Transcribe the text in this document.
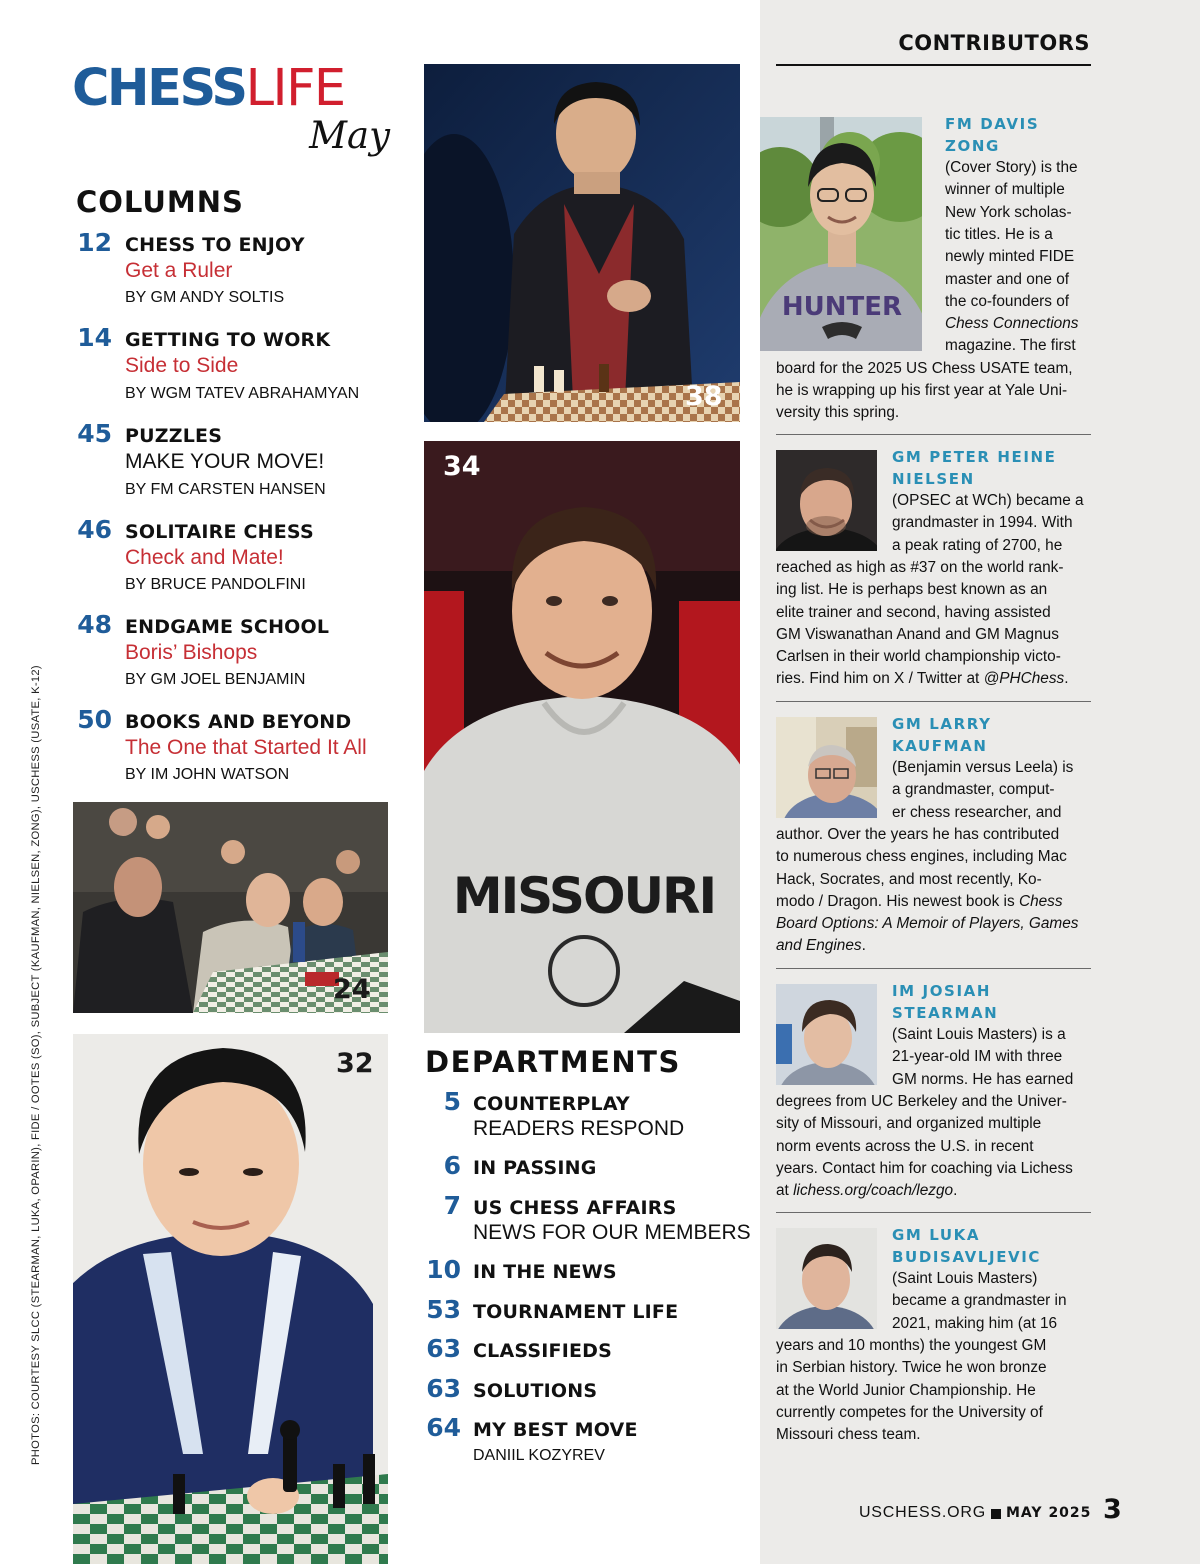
CONTRIBUTORS
HUNTER
FM DAVIS
ZONG
(Cover Story) is the
winner of multiple
New York scholas-
tic titles. He is a
newly minted FIDE
master and one of
the co-founders of
Chess Connections
magazine. The first
board for the 2025 US Chess USATE team,
he is wrapping up his first year at Yale Uni-
versity this spring.
GM PETER HEINE
NIELSEN
(OPSEC at WCh) became a
grandmaster in 1994. With
a peak rating of 2700, he
reached as high as #37 on the world rank-
ing list. He is perhaps best known as an
elite trainer and second, having assisted
GM Viswanathan Anand and GM Magnus
Carlsen in their world championship victo-
ries. Find him on X / Twitter at @PHChess.
GM LARRY
KAUFMAN
(Benjamin versus Leela) is
a grandmaster, comput-
er chess researcher, and
author. Over the years he has contributed
to numerous chess engines, including Mac
Hack, Socrates, and most recently, Ko-
modo / Dragon. His newest book is Chess
Board Options: A Memoir of Players, Games
and Engines.
IM JOSIAH
STEARMAN
(Saint Louis Masters) is a
21-year-old IM with three
GM norms. He has earned
degrees from UC Berkeley and the Univer-
sity of Missouri, and organized multiple
norm events across the U.S. in recent
years. Contact him for coaching via Lichess
at lichess.org/coach/lezgo.
GM LUKA
BUDISAVLJEVIC
(Saint Louis Masters)
became a grandmaster in
2021, making him (at 16
years and 10 months) the youngest GM
in Serbian history. Twice he won bronze
at the World Junior Championship. He
currently competes for the University of
Missouri chess team.
CHESSLIFE
May
COLUMNS
12 CHESS TO ENJOY
Get a Ruler
BY GM ANDY SOLTIS
14 GETTING TO WORK
Side to Side
BY WGM TATEV ABRAHAMYAN
45 PUZZLES
MAKE YOUR MOVE!
BY FM CARSTEN HANSEN
46 SOLITAIRE CHESS
Check and Mate!
BY BRUCE PANDOLFINI
48 ENDGAME SCHOOL
Boris’ Bishops
BY GM JOEL BENJAMIN
50 BOOKS AND BEYOND
The One that Started It All
BY IM JOHN WATSON
38
MISSOURI
34
24
32 DEPARTMENTS
5 COUNTERPLAY
READERS RESPOND
6 IN PASSING
7 US CHESS AFFAIRS
NEWS FOR OUR MEMBERS
10 IN THE NEWS
53 TOURNAMENT LIFE
63 CLASSIFIEDS
63 SOLUTIONS
64 MY BEST MOVE
DANIIL KOZYREV
PHOTOS: COURTESY SLCC (STEARMAN, LUKA, OPARIN), FIDE / OOTES (SO), SUBJECT (KAUFMAN, NIELSEN, ZONG), USCHESS (USATE, K-12)
USCHESS.ORG MAY 2025 3
